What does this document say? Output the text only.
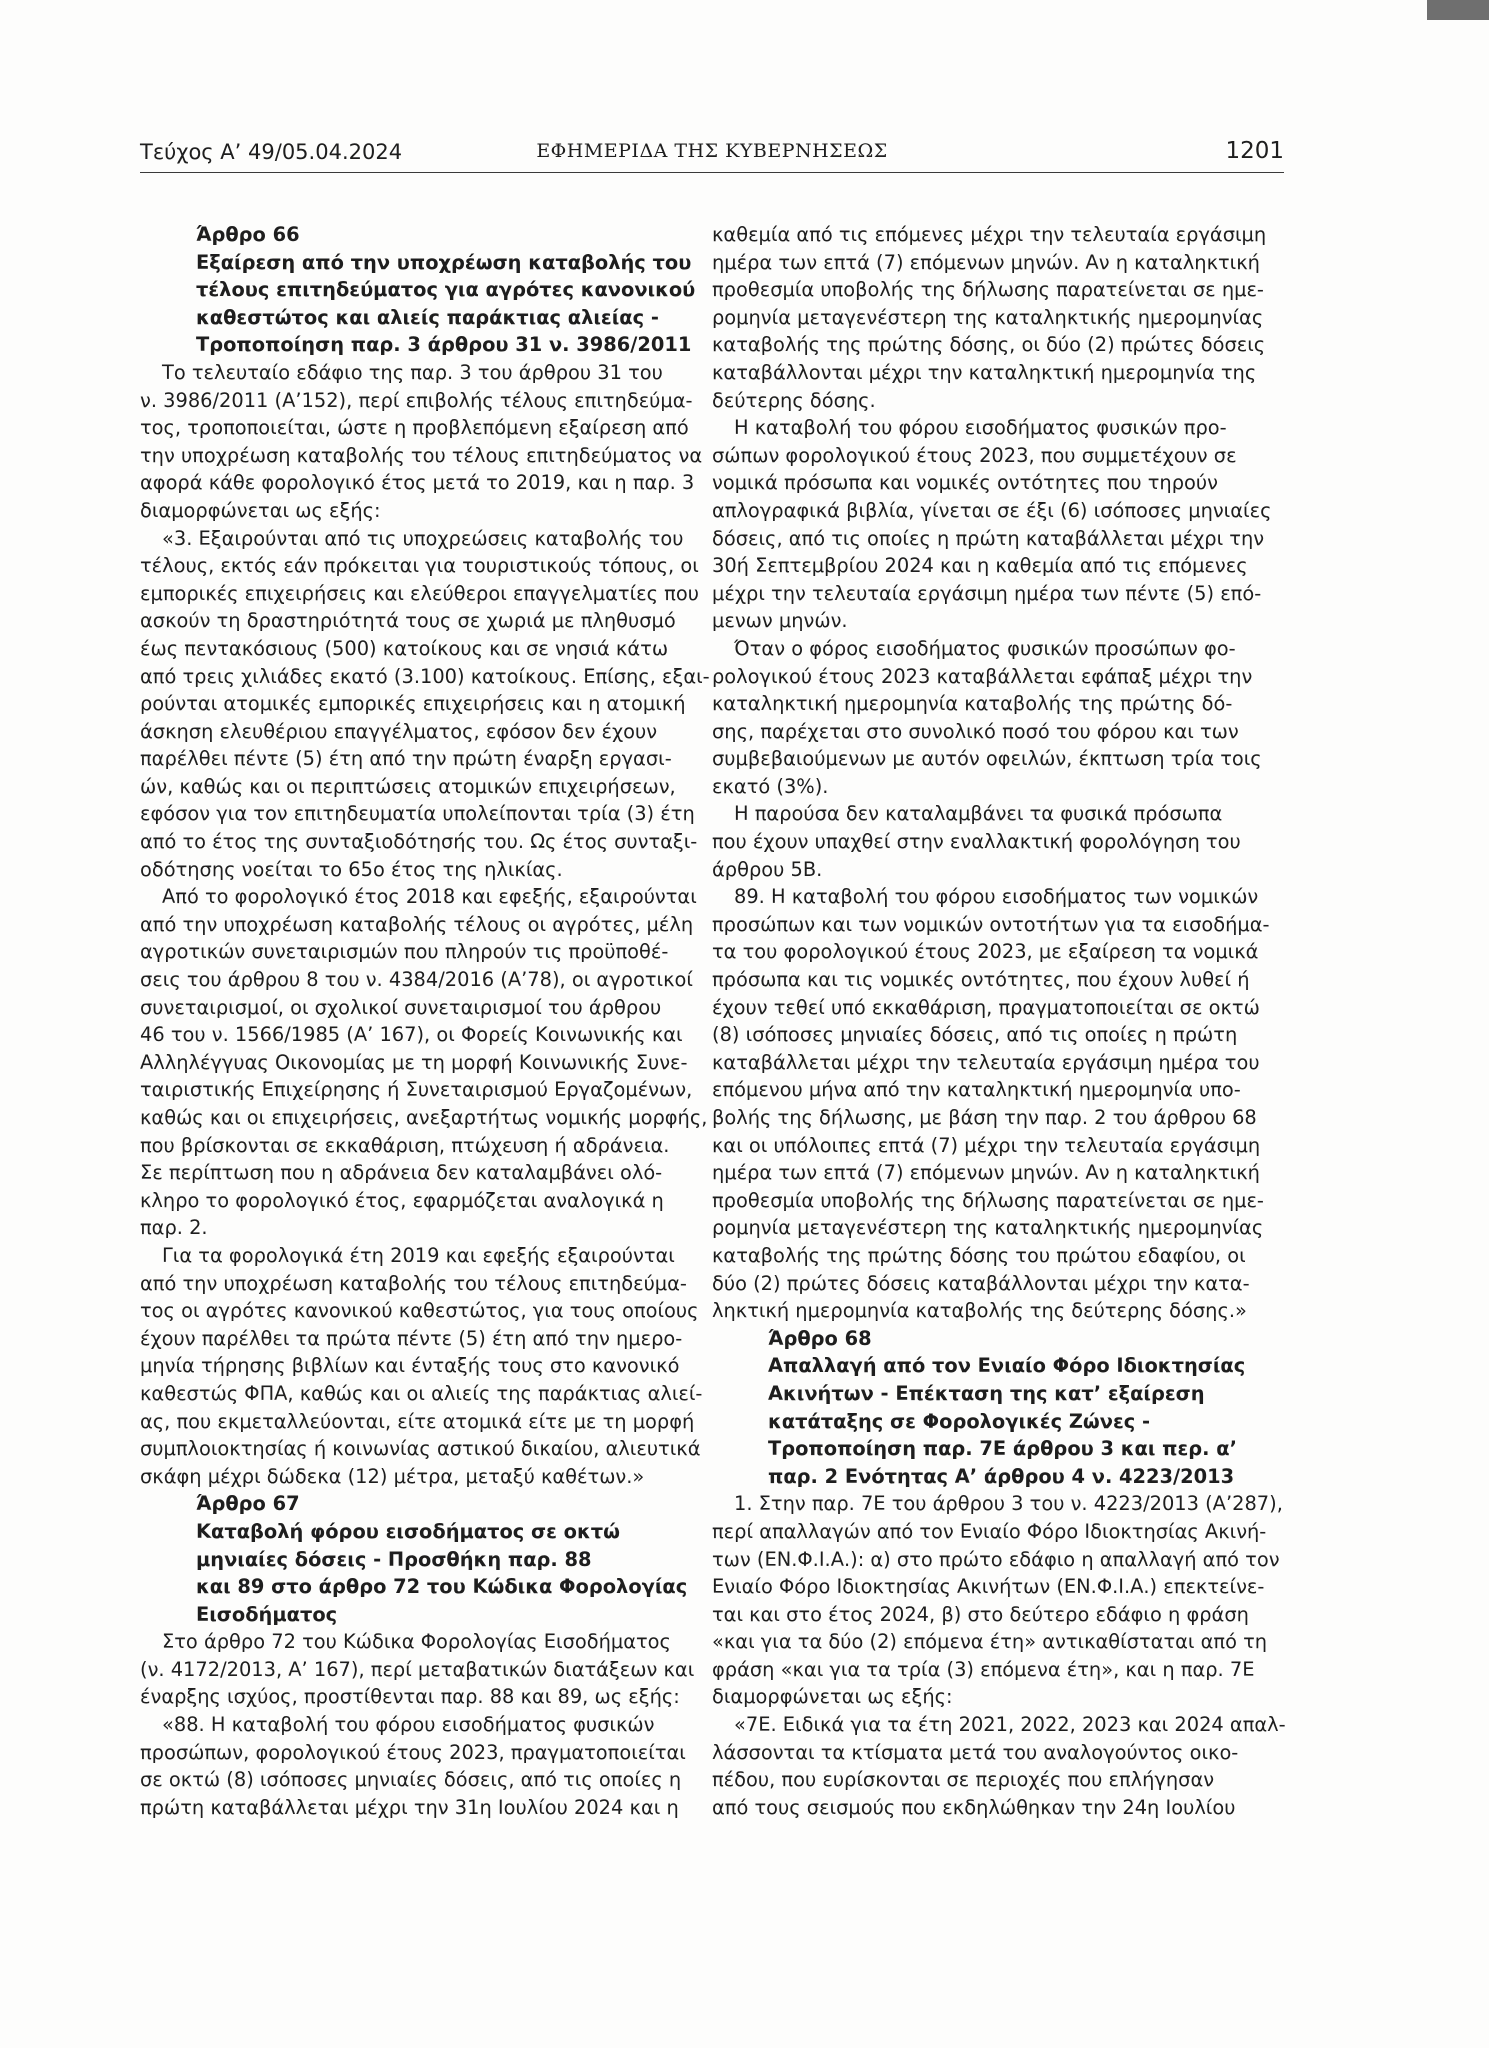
Τεύχος Α’ 49/05.04.2024	ΕΦΗΜΕΡΙΔΑ ΤΗΣ ΚΥΒΕΡΝΗΣΕΩΣ	1201
Άρθρο 66
Εξαίρεση από την υποχρέωση καταβολής του
τέλους επιτηδεύματος για αγρότες κανονικού
καθεστώτος και αλιείς παράκτιας αλιείας -
Τροποποίηση παρ. 3 άρθρου 31 ν. 3986/2011
Το τελευταίο εδάφιο της παρ. 3 του άρθρου 31 του
ν. 3986/2011 (Α’152), περί επιβολής τέλους επιτηδεύμα-
τος, τροποποιείται, ώστε η προβλεπόμενη εξαίρεση από
την υποχρέωση καταβολής του τέλους επιτηδεύματος να
αφορά κάθε φορολογικό έτος μετά το 2019, και η παρ. 3
διαμορφώνεται ως εξής:
«3. Εξαιρούνται από τις υποχρεώσεις καταβολής του
τέλους, εκτός εάν πρόκειται για τουριστικούς τόπους, οι
εμπορικές επιχειρήσεις και ελεύθεροι επαγγελματίες που
ασκούν τη δραστηριότητά τους σε χωριά με πληθυσμό
έως πεντακόσιους (500) κατοίκους και σε νησιά κάτω
από τρεις χιλιάδες εκατό (3.100) κατοίκους. Επίσης, εξαι-
ρούνται ατομικές εμπορικές επιχειρήσεις και η ατομική
άσκηση ελευθέριου επαγγέλματος, εφόσον δεν έχουν
παρέλθει πέντε (5) έτη από την πρώτη έναρξη εργασι-
ών, καθώς και οι περιπτώσεις ατομικών επιχειρήσεων,
εφόσον για τον επιτηδευματία υπολείπονται τρία (3) έτη
από το έτος της συνταξιοδότησής του. Ως έτος συνταξι-
οδότησης νοείται το 65ο έτος της ηλικίας.
Από το φορολογικό έτος 2018 και εφεξής, εξαιρούνται
από την υποχρέωση καταβολής τέλους οι αγρότες, μέλη
αγροτικών συνεταιρισμών που πληρούν τις προϋποθέ-
σεις του άρθρου 8 του ν. 4384/2016 (Α’78), οι αγροτικοί
συνεταιρισμοί, οι σχολικοί συνεταιρισμοί του άρθρου
46 του ν. 1566/1985 (Α’ 167), οι Φορείς Κοινωνικής και
Αλληλέγγυας Οικονομίας με τη μορφή Κοινωνικής Συνε-
ταιριστικής Επιχείρησης ή Συνεταιρισμού Εργαζομένων,
καθώς και οι επιχειρήσεις, ανεξαρτήτως νομικής μορφής,
που βρίσκονται σε εκκαθάριση, πτώχευση ή αδράνεια.
Σε περίπτωση που η αδράνεια δεν καταλαμβάνει ολό-
κληρο το φορολογικό έτος, εφαρμόζεται αναλογικά η
παρ. 2.
Για τα φορολογικά έτη 2019 και εφεξής εξαιρούνται
από την υποχρέωση καταβολής του τέλους επιτηδεύμα-
τος οι αγρότες κανονικού καθεστώτος, για τους οποίους
έχουν παρέλθει τα πρώτα πέντε (5) έτη από την ημερο-
μηνία τήρησης βιβλίων και ένταξής τους στο κανονικό
καθεστώς ΦΠΑ, καθώς και οι αλιείς της παράκτιας αλιεί-
ας, που εκμεταλλεύονται, είτε ατομικά είτε με τη μορφή
συμπλοιοκτησίας ή κοινωνίας αστικού δικαίου, αλιευτικά
σκάφη μέχρι δώδεκα (12) μέτρα, μεταξύ καθέτων.»
Άρθρο 67
Καταβολή φόρου εισοδήματος σε οκτώ
μηνιαίες δόσεις - Προσθήκη παρ. 88
και 89 στο άρθρο 72 του Κώδικα Φορολογίας
Εισοδήματος
Στο άρθρο 72 του Κώδικα Φορολογίας Εισοδήματος
(ν. 4172/2013, Α’ 167), περί μεταβατικών διατάξεων και
έναρξης ισχύος, προστίθενται παρ. 88 και 89, ως εξής:
«88. Η καταβολή του φόρου εισοδήματος φυσικών
προσώπων, φορολογικού έτους 2023, πραγματοποιείται
σε οκτώ (8) ισόποσες μηνιαίες δόσεις, από τις οποίες η
πρώτη καταβάλλεται μέχρι την 31η Ιουλίου 2024 και η
καθεμία από τις επόμενες μέχρι την τελευταία εργάσιμη
ημέρα των επτά (7) επόμενων μηνών. Αν η καταληκτική
προθεσμία υποβολής της δήλωσης παρατείνεται σε ημε-
ρομηνία μεταγενέστερη της καταληκτικής ημερομηνίας
καταβολής της πρώτης δόσης, οι δύο (2) πρώτες δόσεις
καταβάλλονται μέχρι την καταληκτική ημερομηνία της
δεύτερης δόσης.
Η καταβολή του φόρου εισοδήματος φυσικών προ-
σώπων φορολογικού έτους 2023, που συμμετέχουν σε
νομικά πρόσωπα και νομικές οντότητες που τηρούν
απλογραφικά βιβλία, γίνεται σε έξι (6) ισόποσες μηνιαίες
δόσεις, από τις οποίες η πρώτη καταβάλλεται μέχρι την
30ή Σεπτεμβρίου 2024 και η καθεμία από τις επόμενες
μέχρι την τελευταία εργάσιμη ημέρα των πέντε (5) επό-
μενων μηνών.
Όταν ο φόρος εισοδήματος φυσικών προσώπων φο-
ρολογικού έτους 2023 καταβάλλεται εφάπαξ μέχρι την
καταληκτική ημερομηνία καταβολής της πρώτης δό-
σης, παρέχεται στο συνολικό ποσό του φόρου και των
συμβεβαιούμενων με αυτόν οφειλών, έκπτωση τρία τοις
εκατό (3%).
Η παρούσα δεν καταλαμβάνει τα φυσικά πρόσωπα
που έχουν υπαχθεί στην εναλλακτική φορολόγηση του
άρθρου 5Β.
89. Η καταβολή του φόρου εισοδήματος των νομικών
προσώπων και των νομικών οντοτήτων για τα εισοδήμα-
τα του φορολογικού έτους 2023, με εξαίρεση τα νομικά
πρόσωπα και τις νομικές οντότητες, που έχουν λυθεί ή
έχουν τεθεί υπό εκκαθάριση, πραγματοποιείται σε οκτώ
(8) ισόποσες μηνιαίες δόσεις, από τις οποίες η πρώτη
καταβάλλεται μέχρι την τελευταία εργάσιμη ημέρα του
επόμενου μήνα από την καταληκτική ημερομηνία υπο-
βολής της δήλωσης, με βάση την παρ. 2 του άρθρου 68
και οι υπόλοιπες επτά (7) μέχρι την τελευταία εργάσιμη
ημέρα των επτά (7) επόμενων μηνών. Αν η καταληκτική
προθεσμία υποβολής της δήλωσης παρατείνεται σε ημε-
ρομηνία μεταγενέστερη της καταληκτικής ημερομηνίας
καταβολής της πρώτης δόσης του πρώτου εδαφίου, οι
δύο (2) πρώτες δόσεις καταβάλλονται μέχρι την κατα-
ληκτική ημερομηνία καταβολής της δεύτερης δόσης.»
Άρθρο 68
Απαλλαγή από τον Ενιαίο Φόρο Ιδιοκτησίας
Ακινήτων - Επέκταση της κατ’ εξαίρεση
κατάταξης σε Φορολογικές Ζώνες -
Τροποποίηση παρ. 7Ε άρθρου 3 και περ. α’
παρ. 2 Ενότητας Α’ άρθρου 4 ν. 4223/2013
1. Στην παρ. 7Ε του άρθρου 3 του ν. 4223/2013 (Α’287),
περί απαλλαγών από τον Ενιαίο Φόρο Ιδιοκτησίας Ακινή-
των (ΕΝ.Φ.Ι.Α.): α) στο πρώτο εδάφιο η απαλλαγή από τον
Ενιαίο Φόρο Ιδιοκτησίας Ακινήτων (ΕΝ.Φ.Ι.Α.) επεκτείνε-
ται και στο έτος 2024, β) στο δεύτερο εδάφιο η φράση
«και για τα δύο (2) επόμενα έτη» αντικαθίσταται από τη
φράση «και για τα τρία (3) επόμενα έτη», και η παρ. 7Ε
διαμορφώνεται ως εξής:
«7Ε. Ειδικά για τα έτη 2021, 2022, 2023 και 2024 απαλ-
λάσσονται τα κτίσματα μετά του αναλογούντος οικο-
πέδου, που ευρίσκονται σε περιοχές που επλήγησαν
από τους σεισμούς που εκδηλώθηκαν την 24η Ιουλίου
